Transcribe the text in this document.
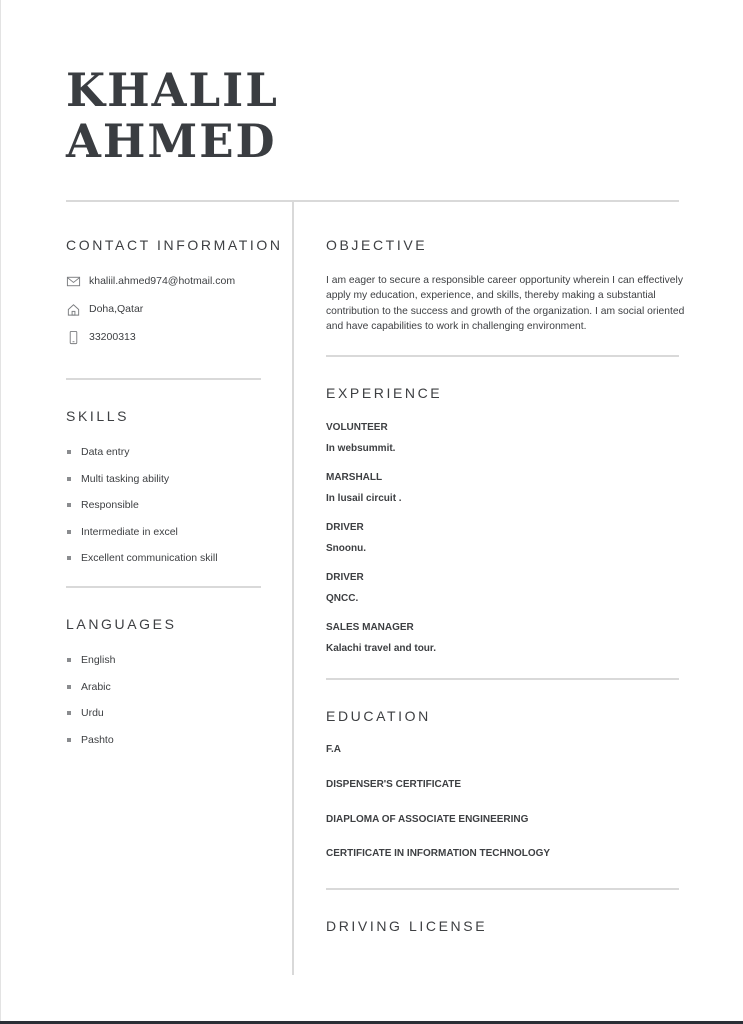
KHALIL
AHMED
CONTACT INFORMATION
khaliil.ahmed974@hotmail.com
Doha,Qatar
33200313
SKILLS
Data entry
Multi tasking ability
Responsible
Intermediate in excel
Excellent communication skill
LANGUAGES
English
Arabic
Urdu
Pashto
OBJECTIVE

I am eager to secure a responsible career opportunity wherein I can effectively apply my education, experience, and skills, thereby making a substantial contribution to the success and growth of the organization. I am social oriented and have capabilities to work in challenging environment.

EXPERIENCE
VOLUNTEER
In websummit.
MARSHALL
In lusail circuit .
DRIVER
Snoonu.
DRIVER
QNCC.
SALES MANAGER
Kalachi travel and tour.
EDUCATION
F.A
DISPENSER'S CERTIFICATE
DIAPLOMA OF ASSOCIATE ENGINEERING
CERTIFICATE IN INFORMATION TECHNOLOGY
DRIVING LICENSE
